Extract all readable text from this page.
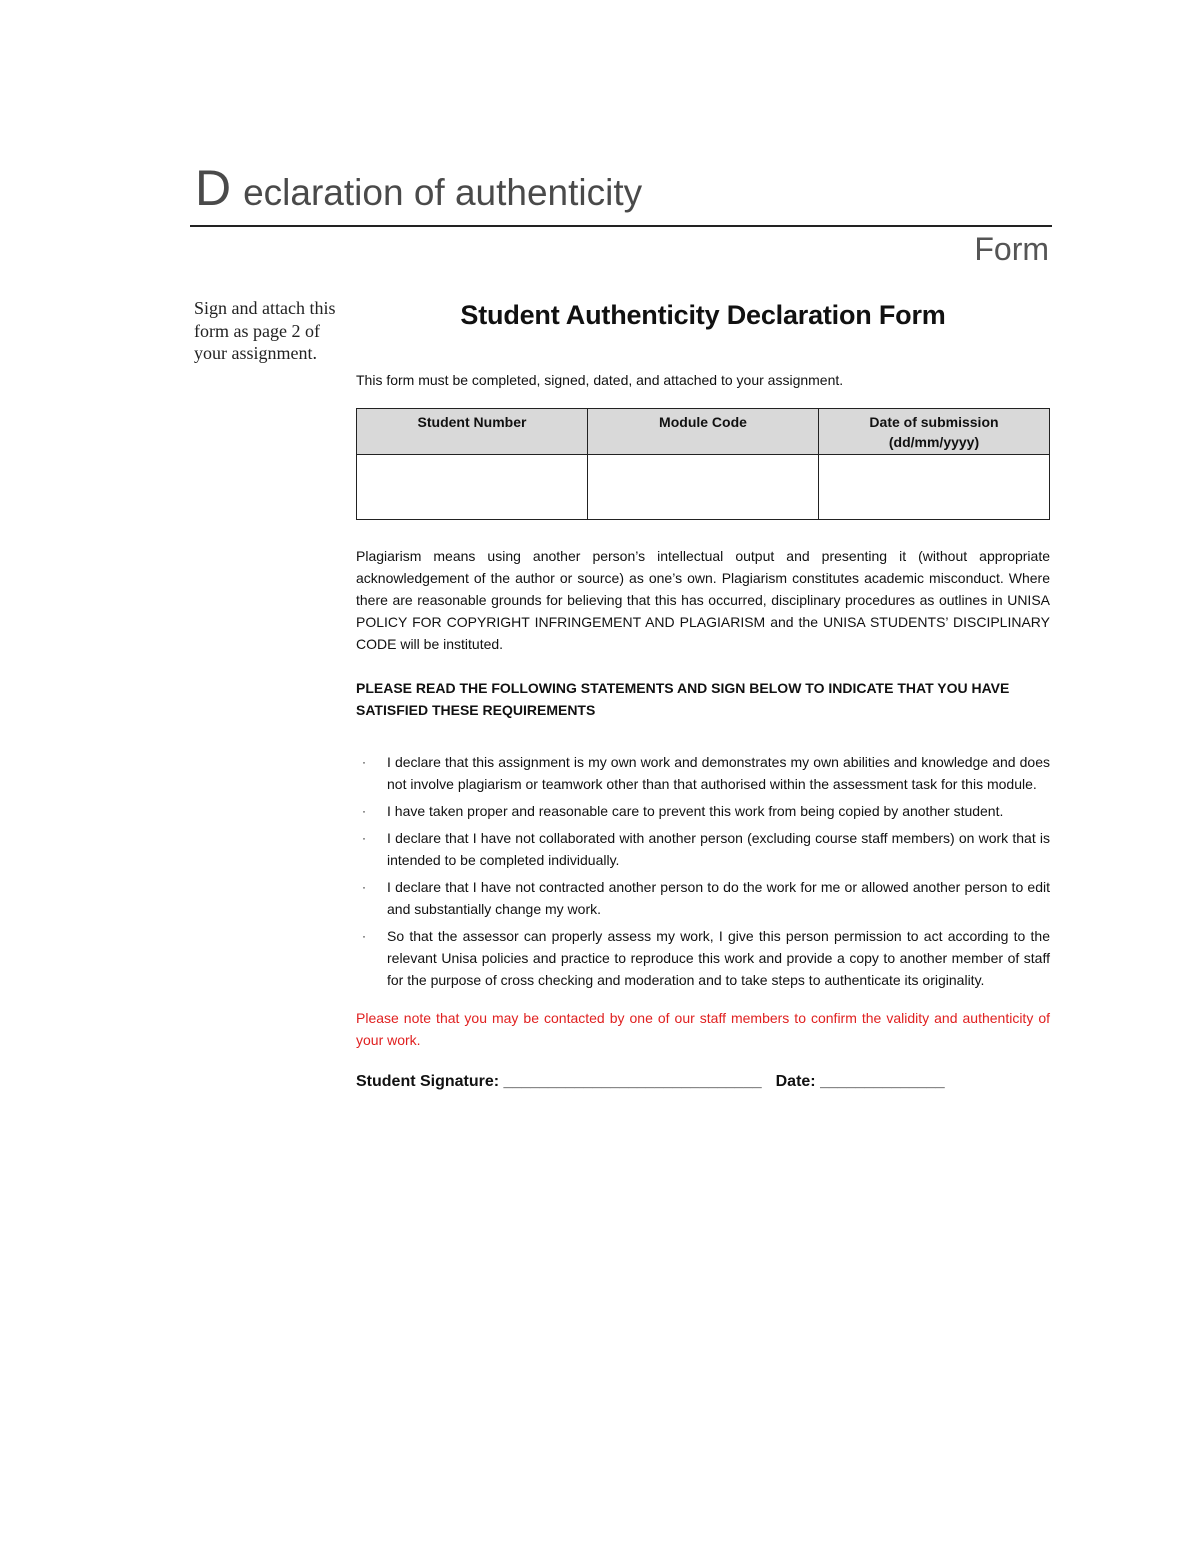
D eclaration of authenticity
Form
Sign and attach this form as page 2 of your assignment.
Student Authenticity Declaration Form
This form must be completed, signed, dated, and attached to your assignment.
Student Number	Module Code	Date of submission (dd/mm/yyyy)

Plagiarism means using another person’s intellectual output and presenting it (without appropriate acknowledgement of the author or source) as one’s own. Plagiarism constitutes academic misconduct. Where there are reasonable grounds for believing that this has occurred, disciplinary procedures as outlines in UNISA POLICY FOR COPYRIGHT INFRINGEMENT AND PLAGIARISM and the UNISA STUDENTS’ DISCIPLINARY CODE will be instituted.

PLEASE READ THE FOLLOWING STATEMENTS AND SIGN BELOW TO INDICATE THAT YOU HAVE SATISFIED THESE REQUIREMENTS
· I declare that this assignment is my own work and demonstrates my own abilities and knowledge and does not involve plagiarism or teamwork other than that authorised within the assessment task for this module.
· I have taken proper and reasonable care to prevent this work from being copied by another student.
· I declare that I have not collaborated with another person (excluding course staff members) on work that is intended to be completed individually.
· I declare that I have not contracted another person to do the work for me or allowed another person to edit and substantially change my work.
· So that the assessor can properly assess my work, I give this person permission to act according to the relevant Unisa policies and practice to reproduce this work and provide a copy to another member of staff for the purpose of cross checking and moderation and to take steps to authenticate its originality.

Please note that you may be contacted by one of our staff members to confirm the validity and authenticity of your work.

Student Signature: _____________________________ Date: ______________
